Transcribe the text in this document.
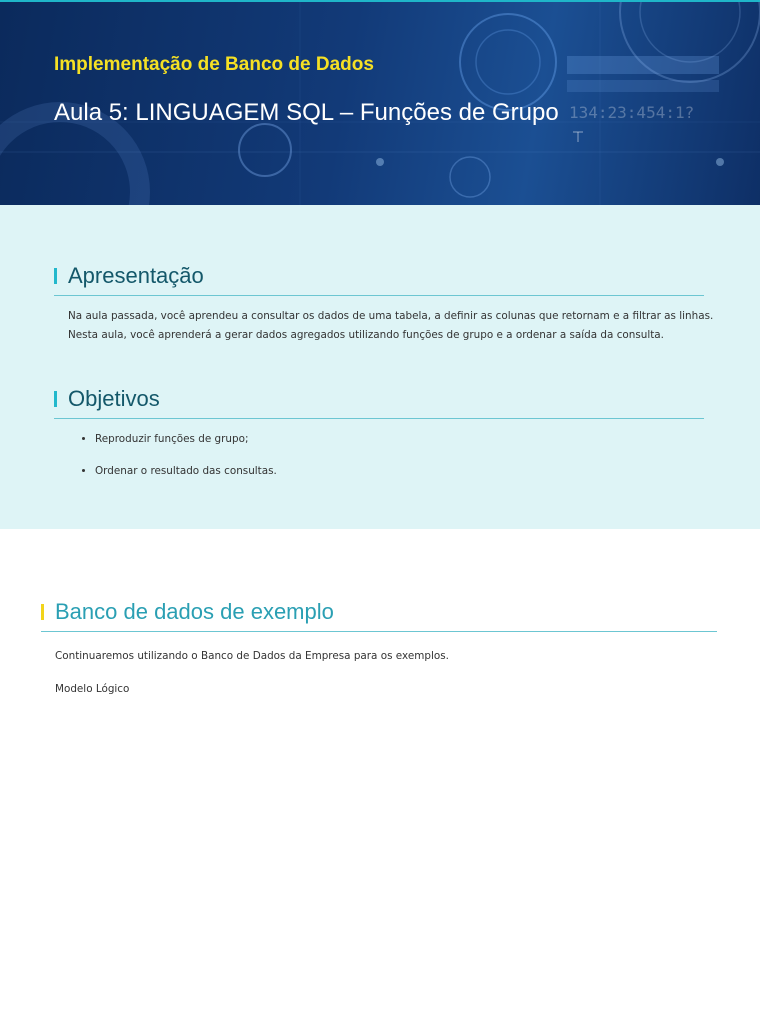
Implementação de Banco de Dados
Aula 5: LINGUAGEM SQL – Funções de Grupo 134:23:454:1?
Apresentação

Na aula passada, você aprendeu a consultar os dados de uma tabela, a definir as colunas que retornam e a filtrar as linhas.
Nesta aula, você aprenderá a gerar dados agregados utilizando funções de grupo e a ordenar a saída da consulta.

Objetivos
• Reproduzir funções de grupo;
• Ordenar o resultado das consultas.
Banco de dados de exemplo

Continuaremos utilizando o Banco de Dados da Empresa para os exemplos.

Modelo Lógico
